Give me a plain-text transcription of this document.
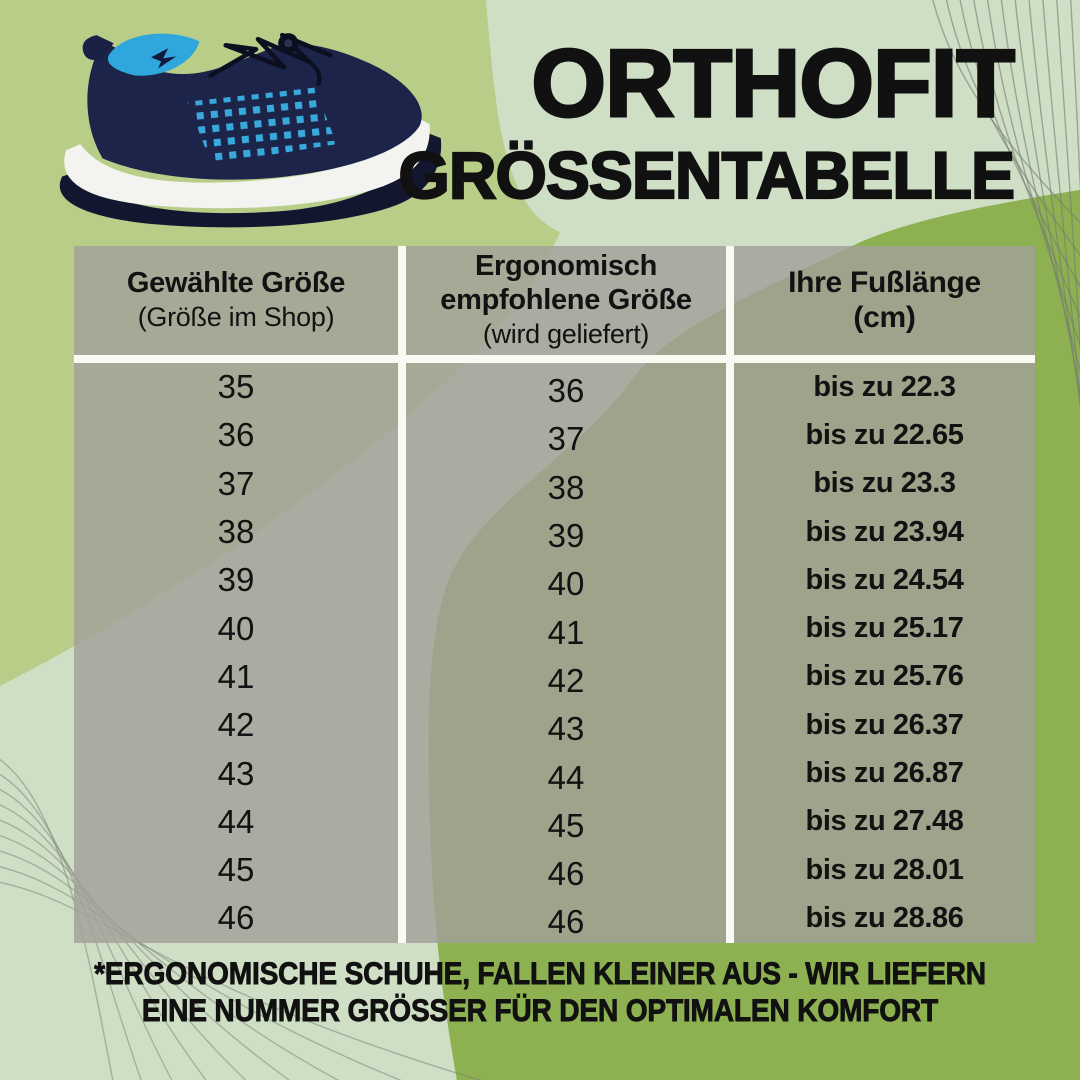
ORTHOFIT
GRÖSSENTABELLE
Gewählte Größe
(Größe im Shop)
35
36
37
38
39
40
41
42
43
44
45
46
Ergonomisch empfohlene Größe
(wird geliefert)
36
37
38
39
40
41
42
43
44
45
46
46
Ihre Fußlänge
(cm)
bis zu 22.3
bis zu 22.65
bis zu 23.3
bis zu 23.94
bis zu 24.54
bis zu 25.17
bis zu 25.76
bis zu 26.37
bis zu 26.87
bis zu 27.48
bis zu 28.01
bis zu 28.86
*ERGONOMISCHE SCHUHE, FALLEN KLEINER AUS - WIR LIEFERN
EINE NUMMER GRÖSSER FÜR DEN OPTIMALEN KOMFORT
